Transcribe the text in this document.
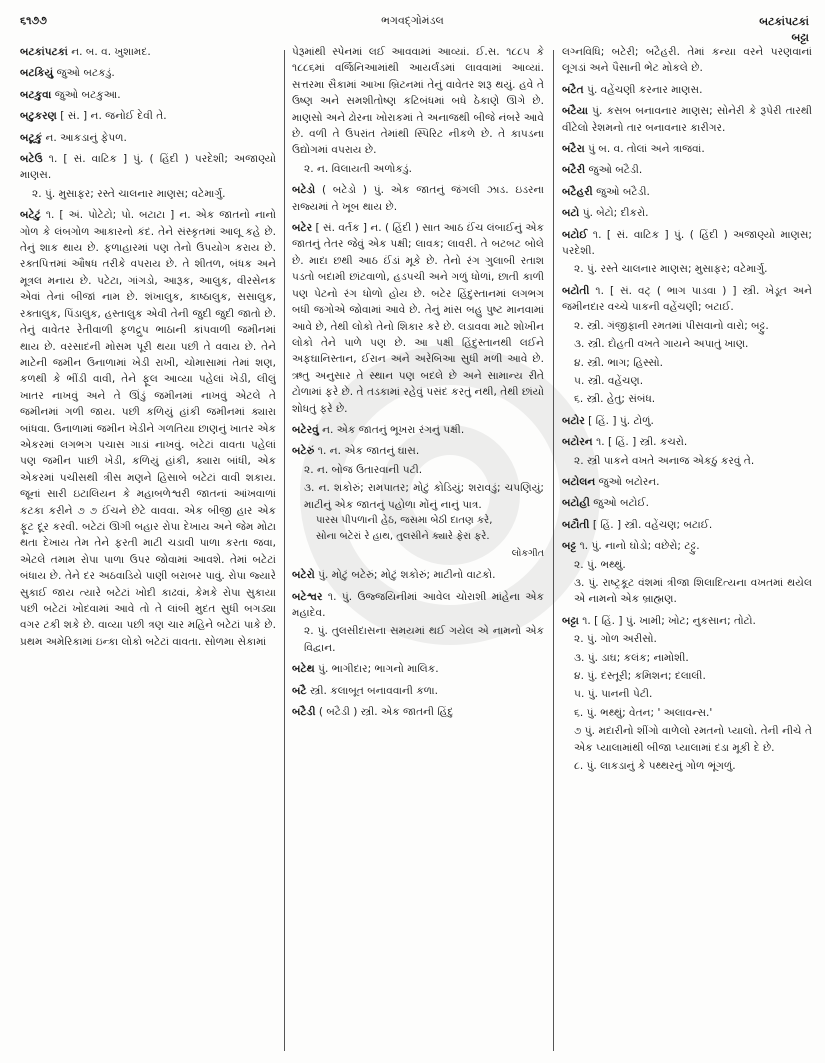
૬૧૭૭	ભગવદ્ગોમંડલ	બટકાંપટકાં
બટ્ટા
બટકાંપટકાં ન. બ. વ. ખુશામદ.
બટકિયું જુઓ બટકડું.
બટકુવા જુઓ બટકુઆ.
બટુકરણ [ સં. ] ન. જનોઈ દેવી તે.
બટૂકું ન. આકડાનું ફેપળ.
બટેઉ ૧. [ સં. વાટિક ] પું. ( હિંદી ) પરદેશી; અજાણ્યો માણસ.
૨. પું. મુસાફર; રસ્તે ચાલનાર માણસ; વટેમાર્ગુ.
બટેટું ૧. [ અં. પોટેટો; પો. બટાટા ] ન. એક જાતનો નાનો ગોળ કે લંબગોળ આકારનો કંદ. તેને સંસ્કૃતમાં આલૂ કહે છે. તેનું શાક થાય છે. ફળાહારમાં પણ તેનો ઉપયોગ કરાય છે. રક્તપિત્તમાં ઔષધ તરીકે વપરાય છે. તે શીતળ, બંધક અને મૂત્રલ મનાય છે. પટેટા, ગાંગડો, આરૂક, આલુક, વીરસેનક એવાં તેનાં બીજાં નામ છે. શંખાલુક, કાષ્ઠાલુક, સસાલુક, રક્તાલુક, પિંડાલુક, હસ્તાલુક એવી તેની જુદી જુદી જાતો છે. તેનું વાવેતર રેતીવાળી ફળદ્રુપ ભાઠાની કાંપવાળી જમીનમાં થાય છે. વરસાદની મોસમ પૂરી થયા પછી તે વવાય છે. તેને માટેની જમીન ઉનાળામાં ખેડી રાખી, ચોમાસામાં તેમાં શણ, કળથી કે ભીંડી વાવી, તેને ફૂલ આવ્યા પહેલાં ખેડી, લીલું ખાતર નાખવું અને તે ઊંડું જમીનમાં નાખવું એટલે તે જમીનમાં ગળી જાય. પછી કળિયું હાંકી જમીનમાં ક્યારા બાંધવા. ઉનાળામાં જમીન ખેડીને ગળતિયા છાણનું ખાતર એક એકરમાં લગભગ પચાસ ગાડાં નાખવું. બટેટાં વાવતા પહેલાં પણ જમીન પાછી ખેડી, કળિયું હાંકી, ક્યારા બાંધી, એક એકરમાં પચીસથી ત્રીસ મણને હિસાબે બટેટાં વાવી શકાય. જૂનાં સારી ઇટાલિયન કે મહાબળેશ્વરી જાતનાં આંખવાળાં કટકા કરીને ૭ ૭ ઈંચને છેટે વાવવા. એક બીજી હાર એક ફૂટ દૂર કરવી. બટેટાં ઊગી બહાર રોપા દેખાય અને જેમ મોટા થતા દેખાય તેમ તેને ફરતી માટી ચડાવી પાળા કરતા જવા, એટલે તમામ રોપા પાળા ઉપર જોવામાં આવશે. તેમાં બટેટાં બંધાય છે. તેને દર અઠવાડિયે પાણી બરાબર પાવું. રોપા જ્યારે સુકાઈ જાય ત્યારે બટેટાં ખોદી કાઢવાં, કેમકે રોપા સુકાયા પછી બટેટાં ખોદવામાં આવે તો તે લાંબી મુદત સુધી બગડ્યા વગર ટકી શકે છે. વાવ્યા પછી ત્રણ ચાર મહિને બટેટાં પાકે છે. પ્રથમ અમેરિકામાં ઇન્કા લોકો બટેટાં વાવતા. સોળમા સેકામાં
પેરૂમાંથી સ્પેનમાં લઈ આવવામાં આવ્યાં. ઈ.સ. ૧૮૮૫ કે ૧૮૮૬માં વર્જિનિઆમાંથી આયર્લંડમાં લાવવામાં આવ્યાં. સત્તરમા સૈકામાં આખા બ્રિટનમાં તેનું વાવેતર શરૂ થયું. હવે તે ઉષ્ણ અને સમશીતોષ્ણ કટિબંધમાં બધે ઠેકાણે ઊગે છે. માણસો અને ઢોરના ખોરાકમાં તે અનાજથી બીજે નંબરે આવે છે. વળી તે ઉપરાંત તેમાંથી સ્પિરિટ નીકળે છે. તે કાપડના ઉદ્યોગમાં વપરાય છે.
૨. ન. વિલાયતી અળોકડું.
બટેડો ( બટેડો ) પું. એક જાતનું જંગલી ઝાડ. ઇડરના રાજ્યમાં તે ખૂબ થાય છે.
બટેર [ સં. વર્તક ] ન. ( હિંદી ) સાત આઠ ઈંચ લંબાઈનું એક જાતનું તેતર જેવું એક પક્ષી; લાવક; લાવરી. તે બટબટ બોલે છે. માદા છથી આઠ ઈંડાં મૂકે છે. તેનો રંગ ગુલાબી રતાશ પડતો બદામી છાંટવાળો, હડપચી અને ગળું ધોળાં, છાતી કાળી પણ પેટનો રંગ ધોળો હોય છે. બટેર હિંદુસ્તાનમાં લગભગ બધી જગોએ જોવામાં આવે છે. તેનું માંસ બહુ પુષ્ટ માનવામાં આવે છે, તેથી લોકો તેનો શિકાર કરે છે. લડાવવા માટે શોખીન લોકો તેને પાળે પણ છે. આ પક્ષી હિંદુસ્તાનથી લઈને અફઘાનિસ્તાન, ઈરાન અને અરેબિઆ સુધી મળી આવે છે. ઋતુ અનુસાર તે સ્થાન પણ બદલે છે અને સામાન્ય રીતે ટોળામાં ફરે છે. તે તડકામાં રહેવું પસંદ કરતું નથી, તેથી છાંયો શોધતું ફરે છે.
બટેરવું ન. એક જાતનું ભૂખરા રંગનું પક્ષી.
બટેરું ૧. ન. એક જાતનું ઘાસ.
૨. ન. બોજ ઉતારવાની પટી.
૩. ન. શકોરું; રામપાતર; મોટું કોડિયું; શરાવડું; ચપણિયું; માટીનું એક જાતનું પહોળા મોંનું નાનું પાત્ર.
પારસ પીપળાની હેઠ, જસમા બેઠી દાતણ કરે,
સોના બટેરાં રે હાથ, તુલસીને ક્યારે ફેરા ફરે.
લોકગીત
બટેરો પું. મોટું બટેરું; મોટું શકોરું; માટીનો વાટકો.
બટેશ્વર ૧. પું. ઉજ્જયિનીમાં આવેલ ચોરાશી માંહેના એક મહાદેવ.
૨. પું. તુલસીદાસના સમયમાં થઈ ગયેલ એ નામનો એક વિદ્વાન.
બટેથ પું. ભાગીદાર; ભાગનો માલિક.
બટૈ સ્ત્રી. કલાબૂત બનાવવાની કળા.
બટૈડી ( બટૈડી ) સ્ત્રી. એક જાતની હિંદુ
લગ્નવિધિ; બટેરી; બટૈહરી. તેમાં કન્યા વરને પરણવાનાં લૂગડાં અને પૈસાની ભેટ મોકલે છે.
બટૈત પું. વહેંચણી કરનાર માણસ.
બટૈયા પું. કસબ બનાવનાર માણસ; સોનેરી કે રૂપેરી તારથી વીંટેલો રેશમનો તાર બનાવનાર કારીગર.
બટૈરા પું બ. વ. તોલાં અને ત્રાજવાં.
બટૈરી જુઓ બટૈડી.
બટૈહરી જુઓ બટૈડી.
બટો પું. બેટો; દીકરો.
બટોઈ ૧. [ સં. વાટિક ] પું. ( હિંદી ) અજાણ્યો માણસ; પરદેશી.
૨. પું. રસ્તે ચાલનાર માણસ; મુસાફર; વટેમાર્ગુ.
બટોતી ૧. [ સં. વટ્ ( ભાગ પાડવા ) ] સ્ત્રી. ખેડૂત અને જમીનદાર વચ્ચે પાકની વહેંચણી; બટાઈ.
૨. સ્ત્રી. ગંજીફાની રમતમાં પીસવાનો વારો; બટ્ટુ.
૩. સ્ત્રી. દોહતી વખતે ગાયને અપાતું ખાણ.
૪. સ્ત્રી. ભાગ; હિસ્સો.
૫. સ્ત્રી. વહેંચણ.
૬. સ્ત્રી. હેતુ; સંબંધ.
બટોર [ હિં. ] પું. ટોળું.
બટોરન ૧. [ હિં. ] સ્ત્રી. કચરો.
૨. સ્ત્રી પાકને વખતે અનાજ એકઠું કરવું તે.
બટોલન જુઓ બટોરન.
બટોહી જુઓ બટોઈ.
બટૌતી [ હિં. ] સ્ત્રી. વહેંચણ; બટાઈ.
બટ્ટ ૧. પું. નાનો ઘોડો; વછેરો; ટટ્ટુ.
૨. પું. ભથ્થું.
૩. પું. રાષ્ટ્રકૂટ વંશમાં ત્રીજા શિલાદિત્યના વખતમાં થયેલ એ નામનો એક બ્રાહ્મણ.
બટ્ટા ૧. [ હિં. ] પું. ખામી; ખોટ; નુકસાન; તોટો.
૨. પું. ગોળ અરીસો.
૩. પું. ડાઘ; કલંક; નામોશી.
૪. પું. દસ્તૂરી; કમિશન; દલાલી.
૫. પું. પાનની પેટી.
૬. પું. ભથ્થું; વેતન; ' અલાવન્સ.'
૭ પું. મદારીનો શીંગો વાળેલો રમતનો પ્યાલો. તેની નીચે તે એક પ્યાલામાંથી બીજા પ્યાલામાં દડા મૂકી દે છે.
૮. પું. લાકડાનું કે પથ્થરનું ગોળ ભૂંગળું.
